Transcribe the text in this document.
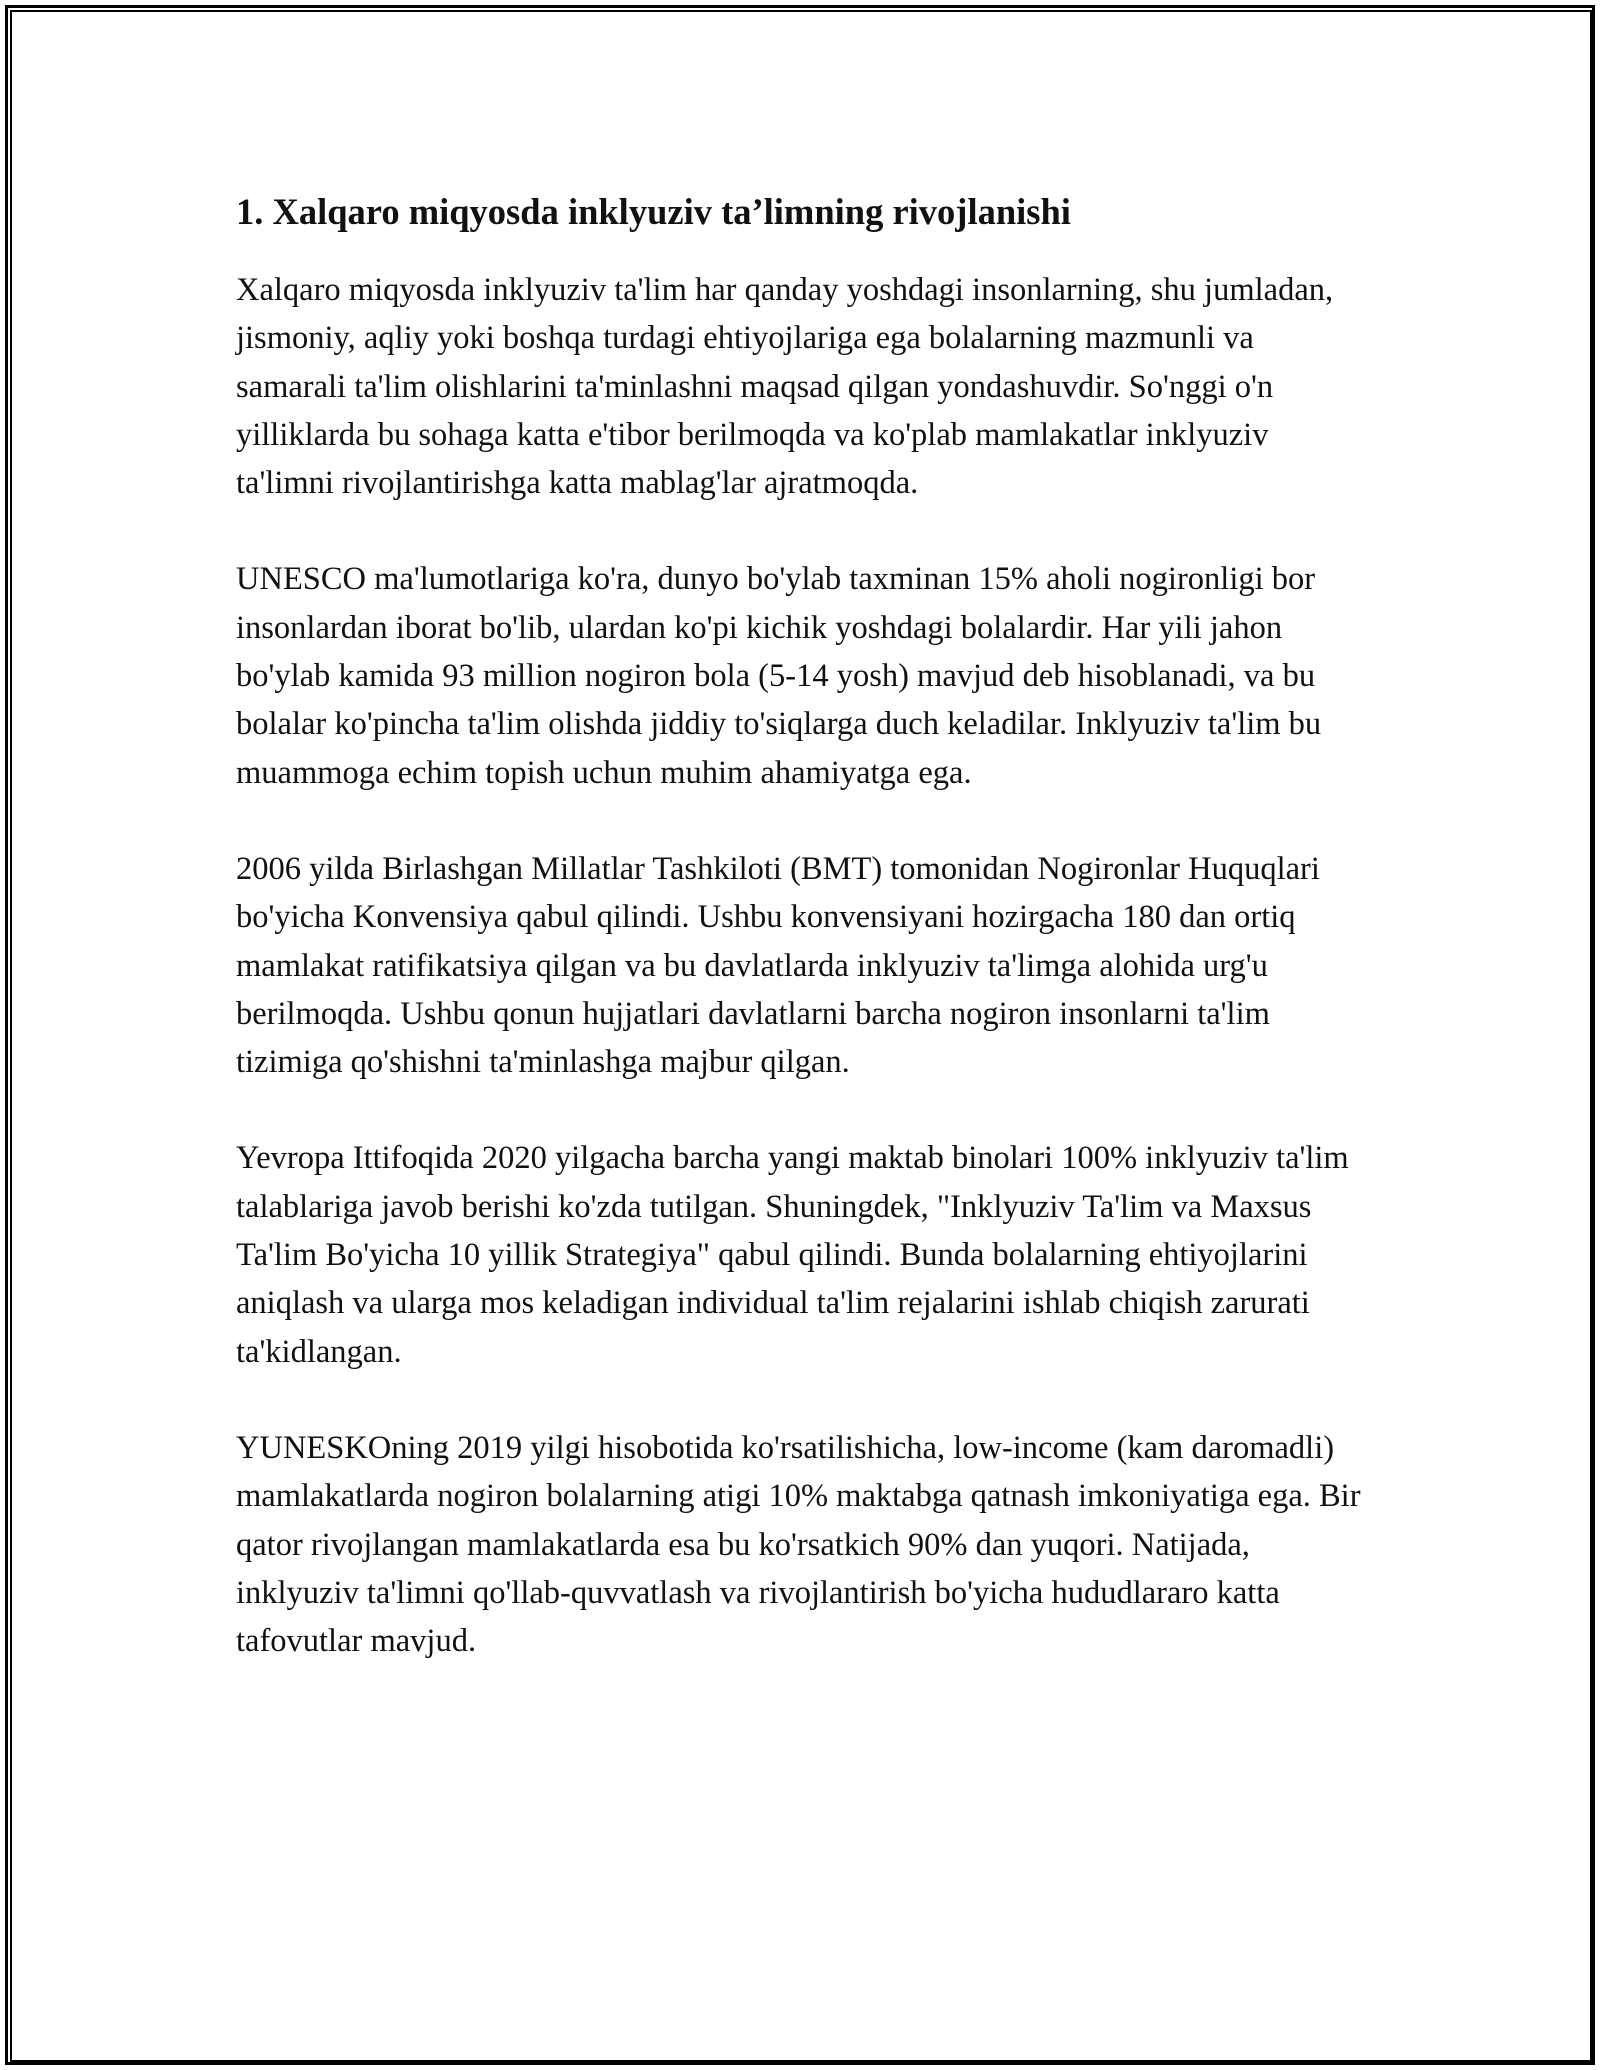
1. Xalqaro miqyosda inklyuziv ta’limning rivojlanishi

Xalqaro miqyosda inklyuziv ta'lim har qanday yoshdagi insonlarning, shu jumladan, jismoniy, aqliy yoki boshqa turdagi ehtiyojlariga ega bolalarning mazmunli va samarali ta'lim olishlarini ta'minlashni maqsad qilgan yondashuvdir. So'nggi o'n yilliklarda bu sohaga katta e'tibor berilmoqda va ko'plab mamlakatlar inklyuziv ta'limni rivojlantirishga katta mablag'lar ajratmoqda.

UNESCO ma'lumotlariga ko'ra, dunyo bo'ylab taxminan 15% aholi nogironligi bor insonlardan iborat bo'lib, ulardan ko'pi kichik yoshdagi bolalardir. Har yili jahon bo'ylab kamida 93 million nogiron bola (5-14 yosh) mavjud deb hisoblanadi, va bu bolalar ko'pincha ta'lim olishda jiddiy to'siqlarga duch keladilar. Inklyuziv ta'lim bu muammoga echim topish uchun muhim ahamiyatga ega.

2006 yilda Birlashgan Millatlar Tashkiloti (BMT) tomonidan Nogironlar Huquqlari bo'yicha Konvensiya qabul qilindi. Ushbu konvensiyani hozirgacha 180 dan ortiq mamlakat ratifikatsiya qilgan va bu davlatlarda inklyuziv ta'limga alohida urg'u berilmoqda. Ushbu qonun hujjatlari davlatlarni barcha nogiron insonlarni ta'lim tizimiga qo'shishni ta'minlashga majbur qilgan.

Yevropa Ittifoqida 2020 yilgacha barcha yangi maktab binolari 100% inklyuziv ta'lim talablariga javob berishi ko'zda tutilgan. Shuningdek, "Inklyuziv Ta'lim va Maxsus Ta'lim Bo'yicha 10 yillik Strategiya" qabul qilindi. Bunda bolalarning ehtiyojlarini aniqlash va ularga mos keladigan individual ta'lim rejalarini ishlab chiqish zarurati ta'kidlangan.

YUNESKOning 2019 yilgi hisobotida ko'rsatilishicha, low-income (kam daromadli) mamlakatlarda nogiron bolalarning atigi 10% maktabga qatnash imkoniyatiga ega. Bir qator rivojlangan mamlakatlarda esa bu ko'rsatkich 90% dan yuqori. Natijada, inklyuziv ta'limni qo'llab-quvvatlash va rivojlantirish bo'yicha hududlararo katta tafovutlar mavjud.
